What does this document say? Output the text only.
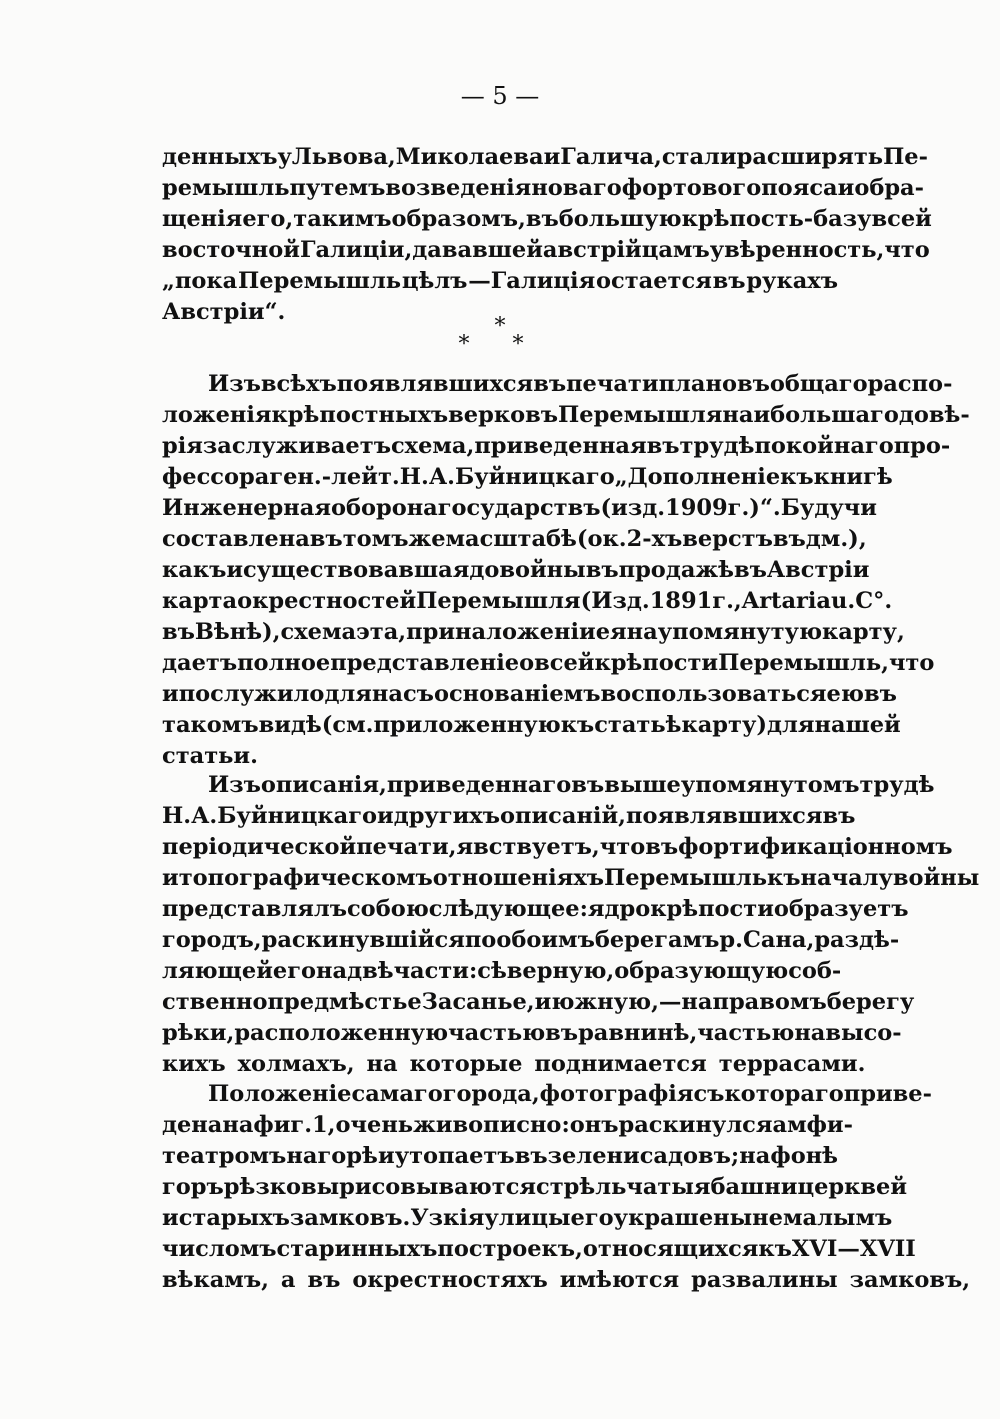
— 5 —
денныхъ у Львова, Миколаева и Галича, стали расширять Пе-
ремышль путемъ возведенія новаго фортового пояса и обра-
щенія его, такимъ образомъ, въ большую крѣпость-базу всей
восточной Галиціи, дававшей австрійцамъ увѣренность, что
„пока Перемышль цѣлъ —Галиція остается въ рукахъ
Австріи“.
*
* *
Изъ всѣхъ появлявшихся въ печати плановъ общаго распо-
ложенія крѣпостныхъ верковъ Перемышля наибольшаго довѣ-
рія заслуживаетъ схема, приведенная въ трудѣ покойнаго про-
фессора ген.-лейт. Н. А. Буйницкаго „Дополненіе къ книгѣ
Инженерная оборона государствъ (изд. 1909 г.)“. Будучи
составлена въ томъ же масштабѣ (ок. 2-хъ верстъ въ дм.),
какъ и существовавшая до войны въ продажѣ въ Австріи
карта окрестностей Перемышля (Изд. 1891 г., Artaria u. C°.
въ Вѣнѣ), схема эта, при наложеніи ея на упомянутую карту,
даетъ полное представленіе о всей крѣпости Перемышль, что
и послужило для насъ основаніемъ воспользоваться ею въ
такомъ видѣ (см. приложенную къ статьѣ карту) для нашей
статьи.
Изъ описанія, приведеннаго въ вышеупомянутомъ трудѣ
Н. А. Буйницкаго и другихъ описаній, появлявшихся въ
періодической печати, явствуетъ, что въ фортификаціонномъ
и топографическомъ отношеніяхъ Перемышль къ началу войны
представлялъ собою слѣдующее: ядро крѣпости образуетъ
городъ, раскинувшійся по обоимъ берегамъ р. Сана, раздѣ-
ляющей его на двѣ части: сѣверную, образующую соб-
ственно предмѣстье Засанье, и южную,— на правомъ берегу
рѣки, расположенную частью въ равнинѣ, частью на высо-
кихъ холмахъ, на которые поднимается террасами.
Положеніе самаго города, фотографія съ котораго приве-
дена на фиг. 1, очень живописно: онъ раскинулся амфи-
театромъ на горѣ и утопаетъ въ зелени садовъ; на фонѣ
горъ рѣзко вырисовываются стрѣльчатыя башни церквей
и старыхъ замковъ. Узкія улицы его украшены немалымъ
числомъ старинныхъ построекъ, относящихся къ XVI—XVII
вѣкамъ, а въ окрестностяхъ имѣются развалины замковъ,
